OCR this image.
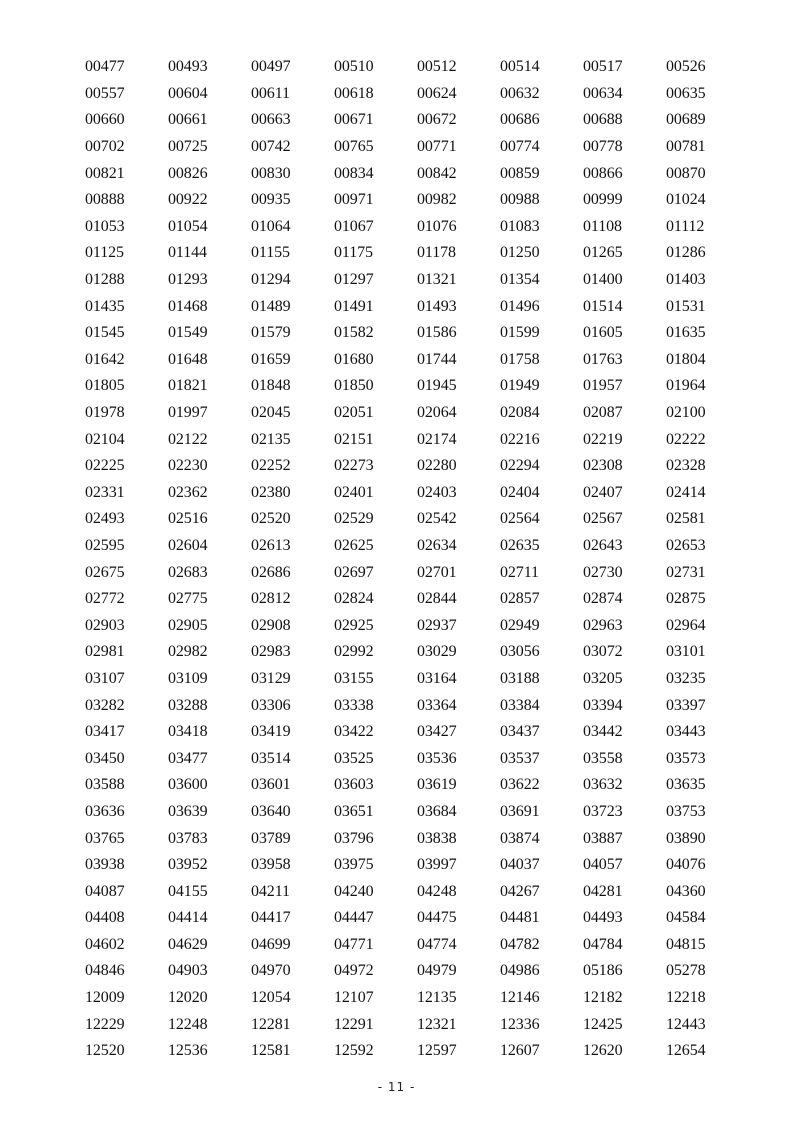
00477	00493	00497	00510	00512	00514	00517	00526
00557	00604	00611	00618	00624	00632	00634	00635
00660	00661	00663	00671	00672	00686	00688	00689
00702	00725	00742	00765	00771	00774	00778	00781
00821	00826	00830	00834	00842	00859	00866	00870
00888	00922	00935	00971	00982	00988	00999	01024
01053	01054	01064	01067	01076	01083	01108	01112
01125	01144	01155	01175	01178	01250	01265	01286
01288	01293	01294	01297	01321	01354	01400	01403
01435	01468	01489	01491	01493	01496	01514	01531
01545	01549	01579	01582	01586	01599	01605	01635
01642	01648	01659	01680	01744	01758	01763	01804
01805	01821	01848	01850	01945	01949	01957	01964
01978	01997	02045	02051	02064	02084	02087	02100
02104	02122	02135	02151	02174	02216	02219	02222
02225	02230	02252	02273	02280	02294	02308	02328
02331	02362	02380	02401	02403	02404	02407	02414
02493	02516	02520	02529	02542	02564	02567	02581
02595	02604	02613	02625	02634	02635	02643	02653
02675	02683	02686	02697	02701	02711	02730	02731
02772	02775	02812	02824	02844	02857	02874	02875
02903	02905	02908	02925	02937	02949	02963	02964
02981	02982	02983	02992	03029	03056	03072	03101
03107	03109	03129	03155	03164	03188	03205	03235
03282	03288	03306	03338	03364	03384	03394	03397
03417	03418	03419	03422	03427	03437	03442	03443
03450	03477	03514	03525	03536	03537	03558	03573
03588	03600	03601	03603	03619	03622	03632	03635
03636	03639	03640	03651	03684	03691	03723	03753
03765	03783	03789	03796	03838	03874	03887	03890
03938	03952	03958	03975	03997	04037	04057	04076
04087	04155	04211	04240	04248	04267	04281	04360
04408	04414	04417	04447	04475	04481	04493	04584
04602	04629	04699	04771	04774	04782	04784	04815
04846	04903	04970	04972	04979	04986	05186	05278
12009	12020	12054	12107	12135	12146	12182	12218
12229	12248	12281	12291	12321	12336	12425	12443
12520	12536	12581	12592	12597	12607	12620	12654
- 11 -
